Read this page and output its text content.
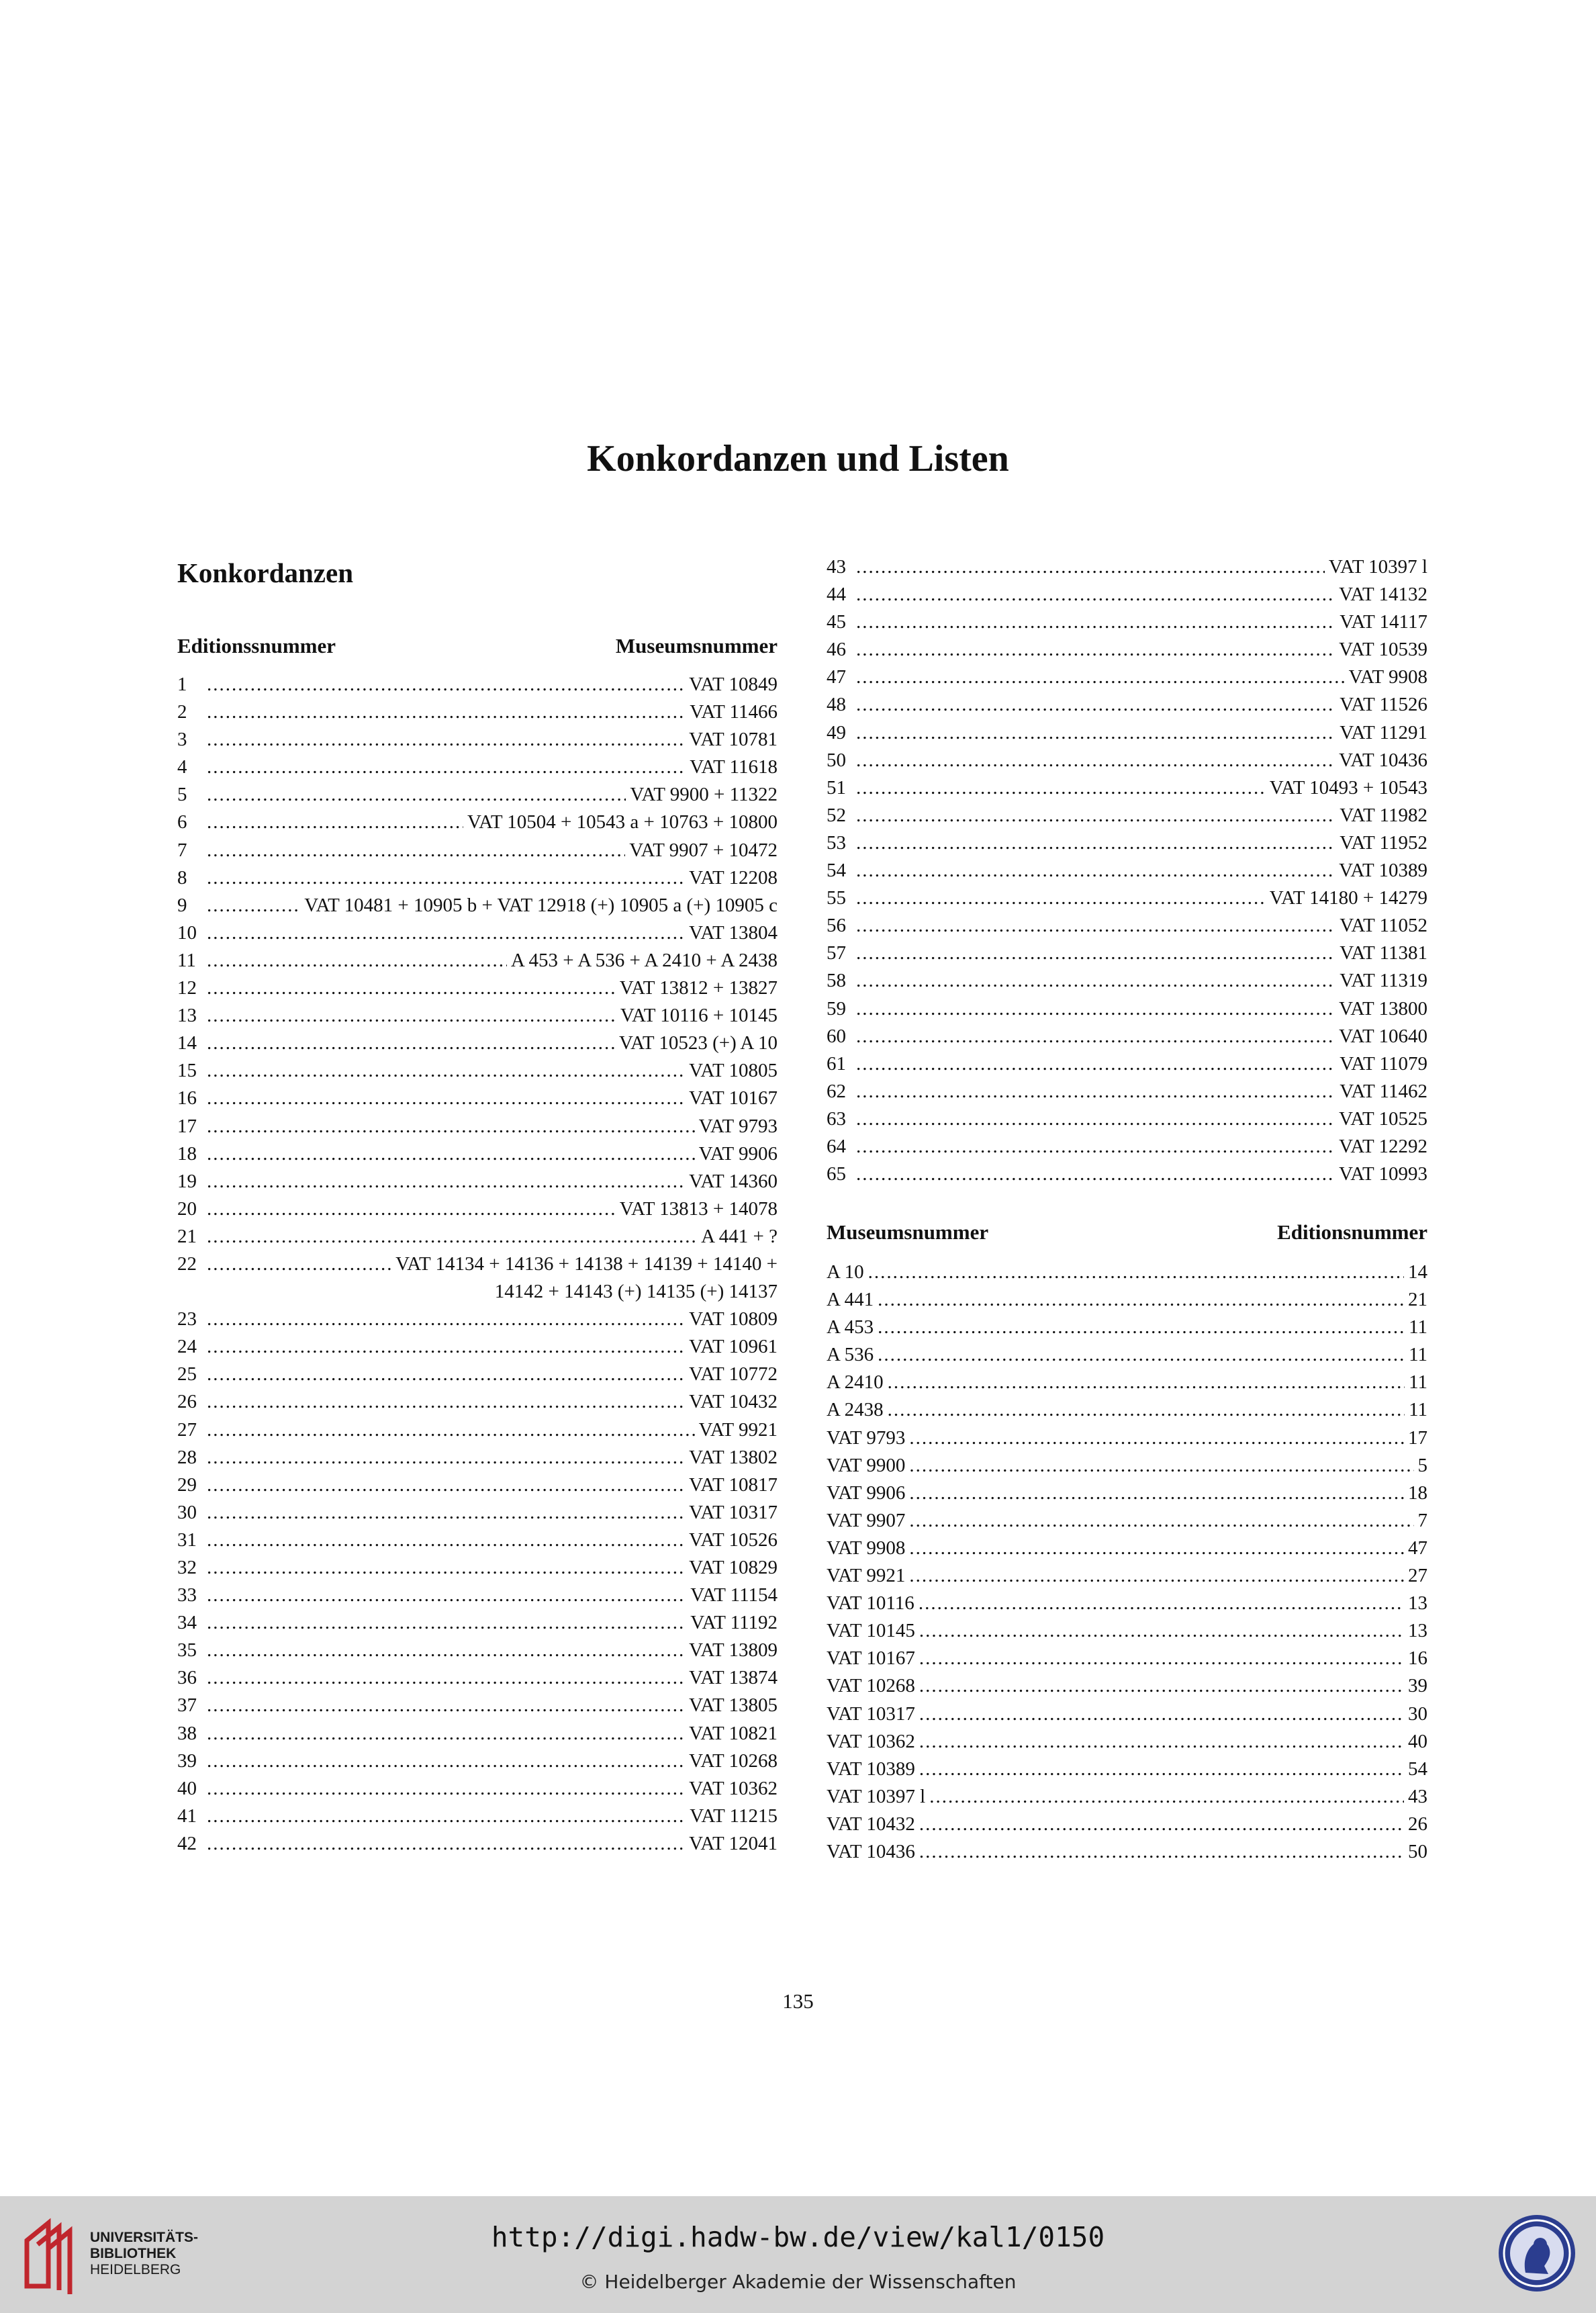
Konkordanzen und Listen
Konkordanzen
Editionssnummer	Museumsnummer
1 .....	VAT 10849
2 .....	VAT 11466
3 .....	VAT 10781
4 .....	VAT 11618
5 .....	VAT 9900 + 11322
6 .....	VAT 10504 + 10543 a + 10763 + 10800
7 .....	VAT 9907 + 10472
8 .....	VAT 12208
9 .....	VAT 10481 + 10905 b + VAT 12918 (+) 10905 a (+) 10905 c
10 .....	VAT 13804
11 .....	A 453 + A 536 + A 2410 + A 2438
12 .....	VAT 13812 + 13827
13 .....	VAT 10116 + 10145
14 .....	VAT 10523 (+) A 10
15 .....	VAT 10805
16 .....	VAT 10167
17 .....	VAT 9793
18 .....	VAT 9906
19 .....	VAT 14360
20 .....	VAT 13813 + 14078
21 .....	A 441 + ?
22 .....	VAT 14134 + 14136 + 14138 + 14139 + 14140 +
14142 + 14143 (+) 14135 (+) 14137
23 .....	VAT 10809
24 .....	VAT 10961
25 .....	VAT 10772
26 .....	VAT 10432
27 .....	VAT 9921
28 .....	VAT 13802
29 .....	VAT 10817
30 .....	VAT 10317
31 .....	VAT 10526
32 .....	VAT 10829
33 .....	VAT 11154
34 .....	VAT 11192
35 .....	VAT 13809
36 .....	VAT 13874
37 .....	VAT 13805
38 .....	VAT 10821
39 .....	VAT 10268
40 .....	VAT 10362
41 .....	VAT 11215
42 .....	VAT 12041
43 .....	VAT 10397 l
44 .....	VAT 14132
45 .....	VAT 14117
46 .....	VAT 10539
47 .....	VAT 9908
48 .....	VAT 11526
49 .....	VAT 11291
50 .....	VAT 10436
51 .....	VAT 10493 + 10543
52 .....	VAT 11982
53 .....	VAT 11952
54 .....	VAT 10389
55 .....	VAT 14180 + 14279
56 .....	VAT 11052
57 .....	VAT 11381
58 .....	VAT 11319
59 .....	VAT 13800
60 .....	VAT 10640
61 .....	VAT 11079
62 .....	VAT 11462
63 .....	VAT 10525
64 .....	VAT 12292
65 .....	VAT 10993
Museumsnummer	Editionsnummer
A 10 .....	14
A 441 .....	21
A 453 .....	11
A 536 .....	11
A 2410 .....	11
A 2438 .....	11
VAT 9793 .....	17
VAT 9900 .....	5
VAT 9906 .....	18
VAT 9907 .....	7
VAT 9908 .....	47
VAT 9921 .....	27
VAT 10116 .....	13
VAT 10145 .....	13
VAT 10167 .....	16
VAT 10268 .....	39
VAT 10317 .....	30
VAT 10362 .....	40
VAT 10389 .....	54
VAT 10397 l .....	43
VAT 10432 .....	26
VAT 10436 .....	50
135
UNIVERSITÄTS-
BIBLIOTHEK
HEIDELBERG
http://digi.hadw-bw.de/view/kal1/0150
© Heidelberger Akademie der Wissenschaften
